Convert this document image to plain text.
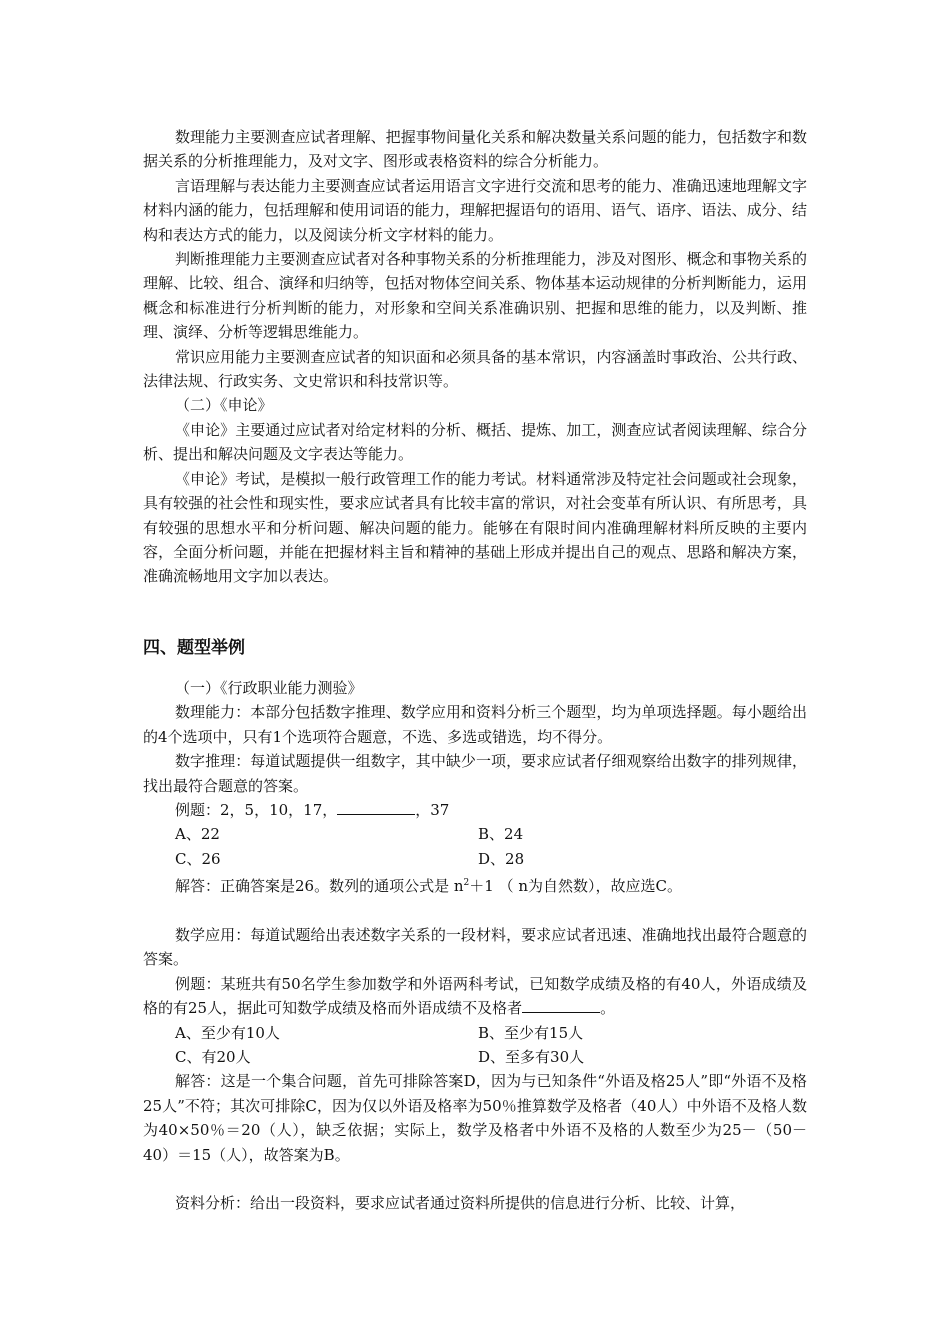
数理能力主要测查应试者理解、把握事物间量化关系和解决数量关系问题的能力，包括数字和数据关系的分析推理能力，及对文字、图形或表格资料的综合分析能力。

言语理解与表达能力主要测查应试者运用语言文字进行交流和思考的能力、准确迅速地理解文字材料内涵的能力，包括理解和使用词语的能力，理解把握语句的语用、语气、语序、语法、成分、结构和表达方式的能力，以及阅读分析文字材料的能力。

判断推理能力主要测查应试者对各种事物关系的分析推理能力，涉及对图形、概念和事物关系的理解、比较、组合、演绎和归纳等，包括对物体空间关系、物体基本运动规律的分析判断能力，运用概念和标准进行分析判断的能力，对形象和空间关系准确识别、把握和思维的能力，以及判断、推理、演绎、分析等逻辑思维能力。

常识应用能力主要测查应试者的知识面和必须具备的基本常识，内容涵盖时事政治、公共行政、法律法规、行政实务、文史常识和科技常识等。

（二）《申论》

《申论》主要通过应试者对给定材料的分析、概括、提炼、加工，测查应试者阅读理解、综合分析、提出和解决问题及文字表达等能力。

《申论》考试，是模拟一般行政管理工作的能力考试。材料通常涉及特定社会问题或社会现象，具有较强的社会性和现实性，要求应试者具有比较丰富的常识，对社会变革有所认识、有所思考，具有较强的思想水平和分析问题、解决问题的能力。能够在有限时间内准确理解材料所反映的主要内容，全面分析问题，并能在把握材料主旨和精神的基础上形成并提出自己的观点、思路和解决方案，准确流畅地用文字加以表达。

四、题型举例

（一）《行政职业能力测验》

数理能力：本部分包括数字推理、数学应用和资料分析三个题型，均为单项选择题。每小题给出的4个选项中，只有1个选项符合题意，不选、多选或错选，均不得分。

数字推理：每道试题提供一组数字，其中缺少一项，要求应试者仔细观察给出数字的排列规律，找出最符合题意的答案。

例题：2，5，10，17，	，37

A、22	B、24
C、26	D、28

解答：正确答案是26。数列的通项公式是 $n^2+1$ （ n为自然数），故应选C。

数学应用：每道试题给出表述数字关系的一段材料，要求应试者迅速、准确地找出最符合题意的答案。

例题：某班共有50名学生参加数学和外语两科考试，已知数学成绩及格的有40人，外语成绩及格的有25人，据此可知数学成绩及格而外语成绩不及格者	。

A、至少有10人	B、至少有15人
C、有20人	D、至多有30人

解答：这是一个集合问题，首先可排除答案D，因为与已知条件“外语及格25人”即“外语不及格25人”不符；其次可排除C，因为仅以外语及格率为50％推算数学及格者（40人）中外语不及格人数为40×50％＝20（人），缺乏依据；实际上，数学及格者中外语不及格的人数至少为25－（50－40）＝15（人），故答案为B。

资料分析：给出一段资料，要求应试者通过资料所提供的信息进行分析、比较、计算，
